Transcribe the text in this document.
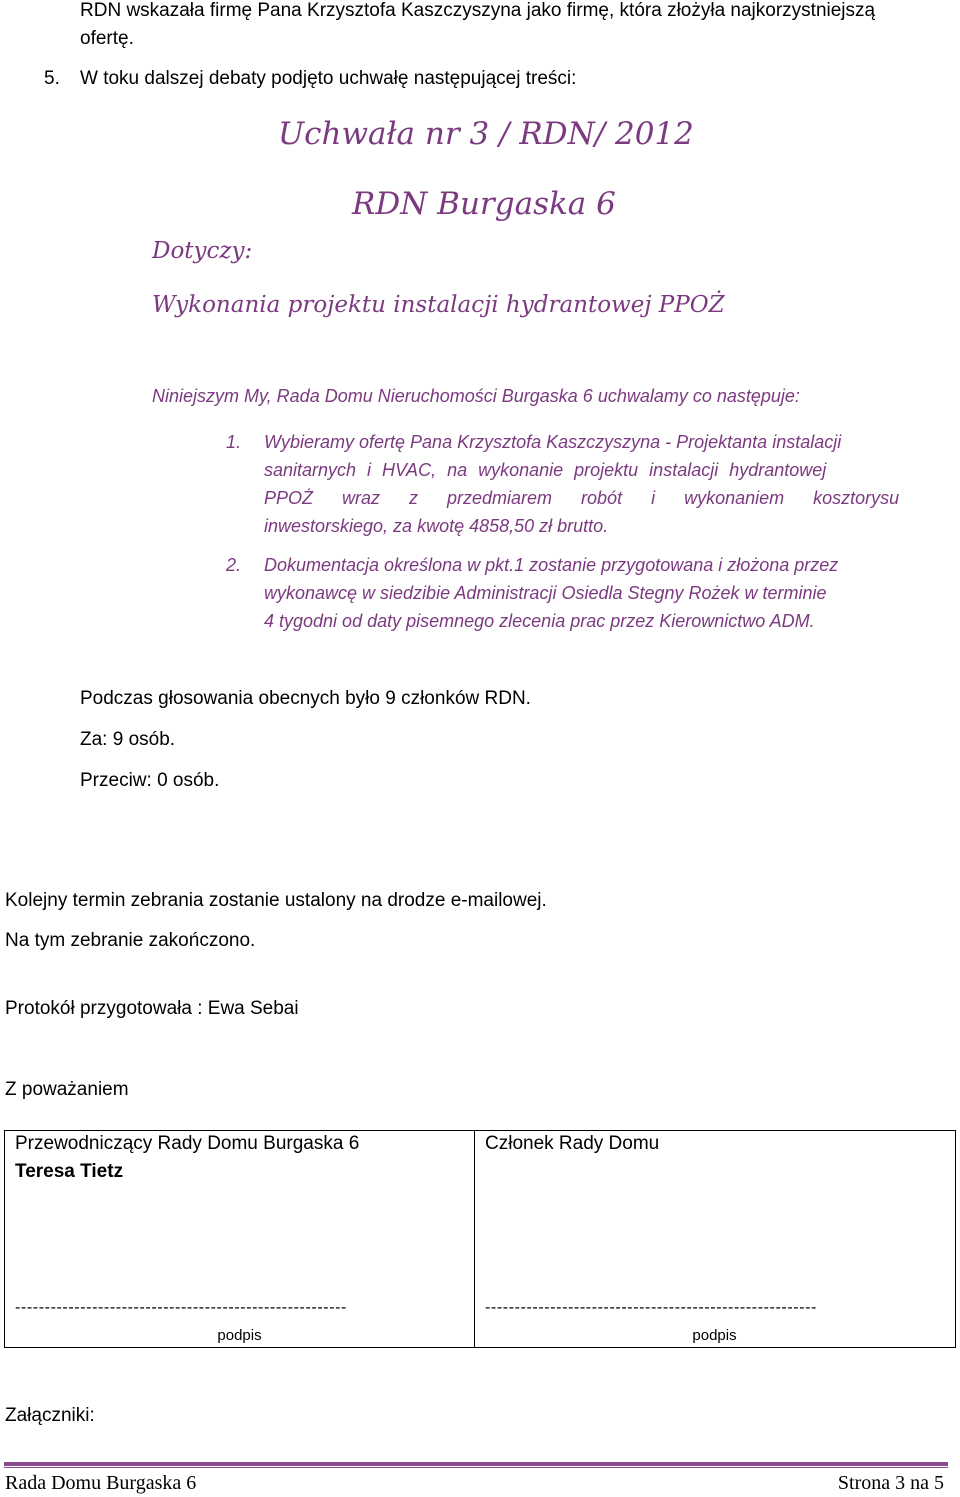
RDN wskazała firmę Pana Krzysztofa Kaszczyszyna jako firmę, która złożyła najkorzystniejszą
ofertę.
5. W toku dalszej debaty podjęto uchwałę następującej treści:
Uchwała nr 3 / RDN/ 2012
RDN Burgaska 6
Dotyczy:
Wykonania projektu instalacji hydrantowej PPOŻ
Niniejszym My, Rada Domu Nieruchomości Burgaska 6 uchwalamy co następuje:
1. Wybieramy ofertę Pana Krzysztofa Kaszczyszyna - Projektanta instalacji
sanitarnych i HVAC, na wykonanie projektu instalacji hydrantowej
PPOŻ wraz z przedmiarem robót i wykonaniem kosztorysu
inwestorskiego, za kwotę 4858,50 zł brutto.
2. Dokumentacja określona w pkt.1 zostanie przygotowana i złożona przez
wykonawcę w siedzibie Administracji Osiedla Stegny Rożek w terminie
4 tygodni od daty pisemnego zlecenia prac przez Kierownictwo ADM.
Podczas głosowania obecnych było 9 członków RDN.
Za: 9 osób.
Przeciw: 0 osób.
Kolejny termin zebrania zostanie ustalony na drodze e-mailowej.
Na tym zebranie zakończono.
Protokół przygotowała : Ewa Sebai
Z poważaniem
Przewodniczący Rady Domu Burgaska 6
Teresa Tietz
--------------------------------------------------------
podpis
Członek Rady Domu
--------------------------------------------------------
podpis
Załączniki:
Rada Domu Burgaska 6	Strona 3 na 5
